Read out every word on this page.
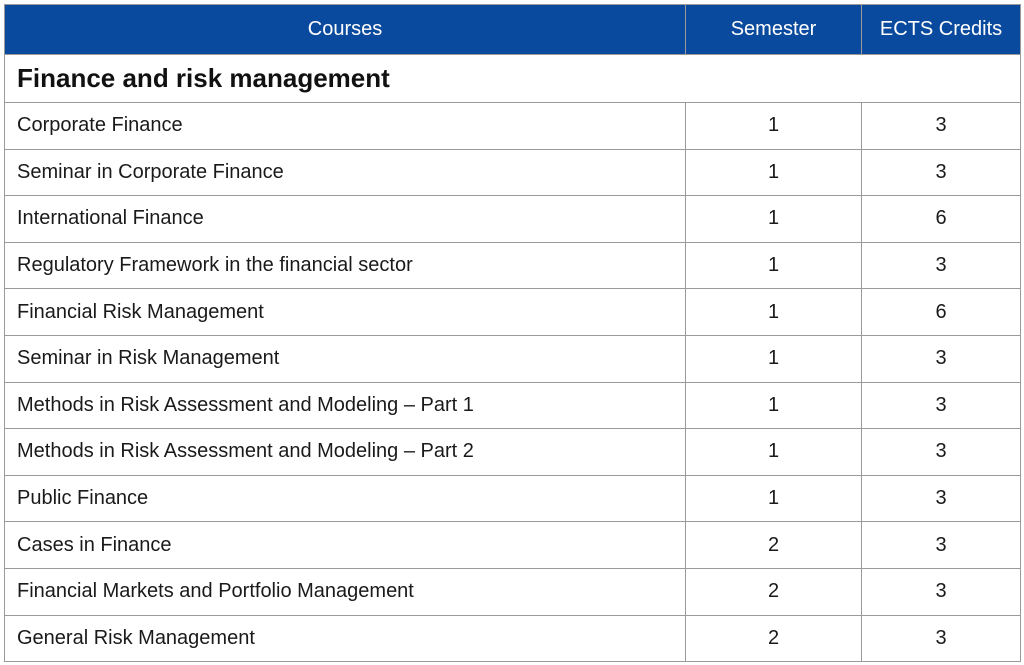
Courses	Semester	ECTS Credits
Finance and risk management		
Corporate Finance	1	3
Seminar in Corporate Finance	1	3
International Finance	1	6
Regulatory Framework in the financial sector	1	3
Financial Risk Management	1	6
Seminar in Risk Management	1	3
Methods in Risk Assessment and Modeling – Part 1	1	3
Methods in Risk Assessment and Modeling – Part 2	1	3
Public Finance	1	3
Cases in Finance	2	3
Financial Markets and Portfolio Management	2	3
General Risk Management	2	3
